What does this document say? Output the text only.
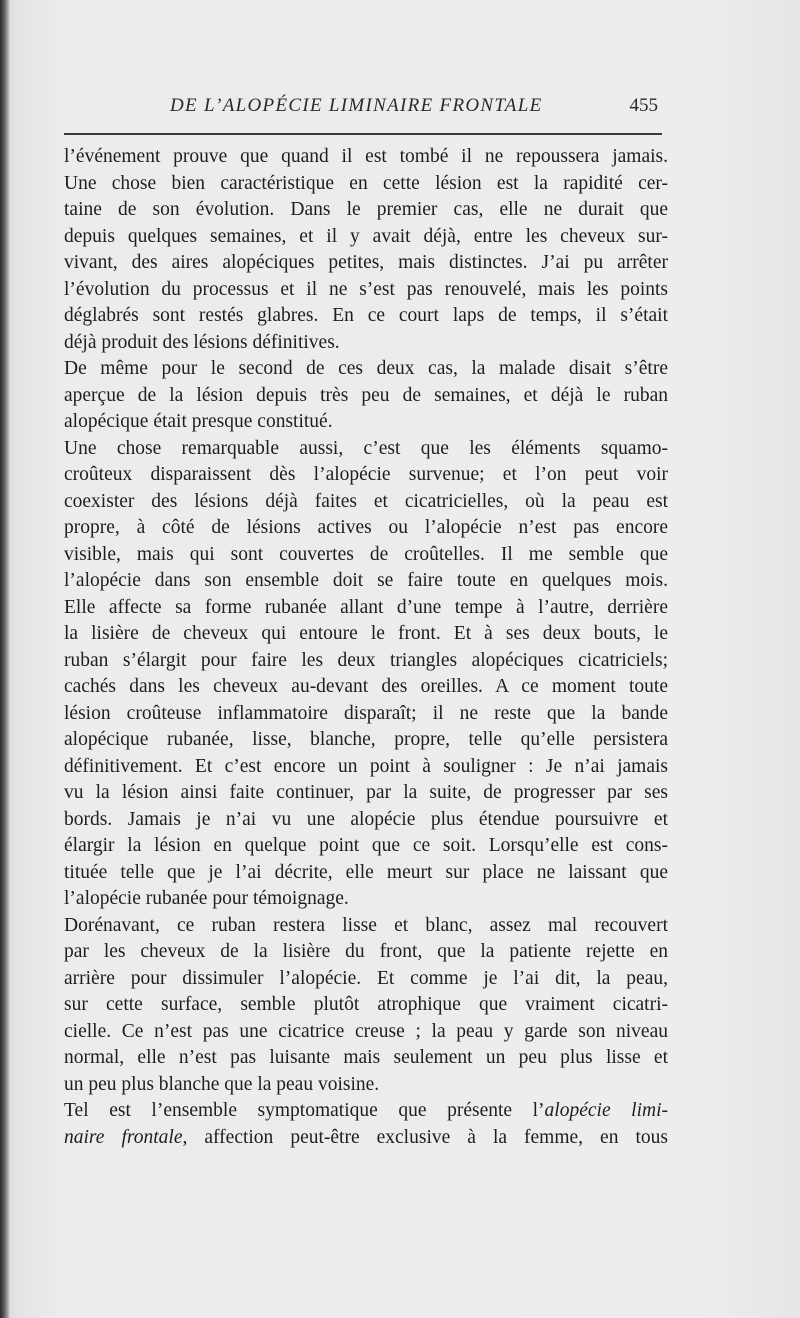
DE L’ALOPÉCIE LIMINAIRE FRONTALE	455
l’événement prouve que quand il est tombé il ne repoussera jamais.
Une chose bien caractéristique en cette lésion est la rapidité cer-
taine de son évolution. Dans le premier cas, elle ne durait que
depuis quelques semaines, et il y avait déjà, entre les cheveux sur-
vivant, des aires alopéciques petites, mais distinctes. J’ai pu arrêter
l’évolution du processus et il ne s’est pas renouvelé, mais les points
déglabrés sont restés glabres. En ce court laps de temps, il s’était
déjà produit des lésions définitives.
De même pour le second de ces deux cas, la malade disait s’être
aperçue de la lésion depuis très peu de semaines, et déjà le ruban
alopécique était presque constitué.
Une chose remarquable aussi, c’est que les éléments squamo-
croûteux disparaissent dès l’alopécie survenue; et l’on peut voir
coexister des lésions déjà faites et cicatricielles, où la peau est
propre, à côté de lésions actives ou l’alopécie n’est pas encore
visible, mais qui sont couvertes de croûtelles. Il me semble que
l’alopécie dans son ensemble doit se faire toute en quelques mois.
Elle affecte sa forme rubanée allant d’une tempe à l’autre, derrière
la lisière de cheveux qui entoure le front. Et à ses deux bouts, le
ruban s’élargit pour faire les deux triangles alopéciques cicatriciels;
cachés dans les cheveux au-devant des oreilles. A ce moment toute
lésion croûteuse inflammatoire disparaît; il ne reste que la bande
alopécique rubanée, lisse, blanche, propre, telle qu’elle persistera
définitivement. Et c’est encore un point à souligner : Je n’ai jamais
vu la lésion ainsi faite continuer, par la suite, de progresser par ses
bords. Jamais je n’ai vu une alopécie plus étendue poursuivre et
élargir la lésion en quelque point que ce soit. Lorsqu’elle est cons-
tituée telle que je l’ai décrite, elle meurt sur place ne laissant que
l’alopécie rubanée pour témoignage.
Dorénavant, ce ruban restera lisse et blanc, assez mal recouvert
par les cheveux de la lisière du front, que la patiente rejette en
arrière pour dissimuler l’alopécie. Et comme je l’ai dit, la peau,
sur cette surface, semble plutôt atrophique que vraiment cicatri-
cielle. Ce n’est pas une cicatrice creuse ; la peau y garde son niveau
normal, elle n’est pas luisante mais seulement un peu plus lisse et
un peu plus blanche que la peau voisine.
Tel est l’ensemble symptomatique que présente l’alopécie limi-
naire frontale, affection peut-être exclusive à la femme, en tous
